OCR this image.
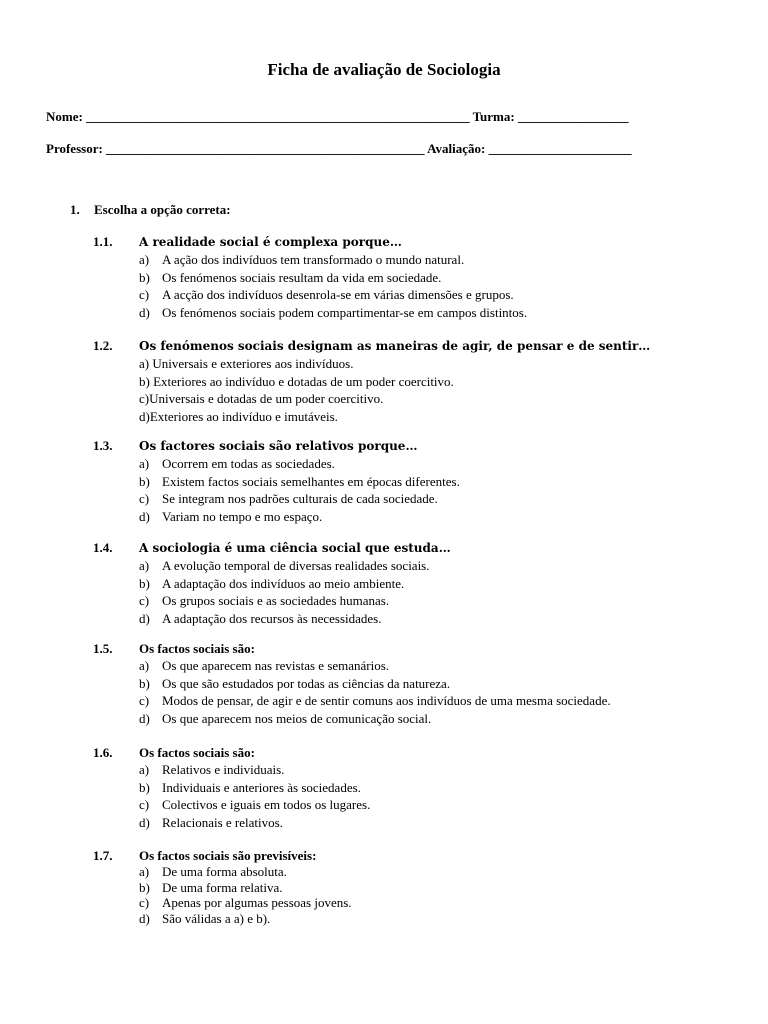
Ficha de avaliação de Sociologia
Nome: ___________________________________________________________ Turma: _________________
Professor: _________________________________________________ Avaliação: ______________________
1. Escolha a opção correta:
1.1. A realidade social é complexa porque…
a) A ação dos indivíduos tem transformado o mundo natural.
b) Os fenómenos sociais resultam da vida em sociedade.
c) A acção dos indivíduos desenrola-se em várias dimensões e grupos.
d) Os fenómenos sociais podem compartimentar-se em campos distintos.
1.2. Os fenómenos sociais designam as maneiras de agir, de pensar e de sentir…
a) Universais e exteriores aos indivíduos.
b) Exteriores ao indivíduo e dotadas de um poder coercitivo.
c)Universais e dotadas de um poder coercitivo.
d)Exteriores ao indivíduo e imutáveis.
1.3. Os factores sociais são relativos porque…
a) Ocorrem em todas as sociedades.
b) Existem factos sociais semelhantes em épocas diferentes.
c) Se integram nos padrões culturais de cada sociedade.
d) Variam no tempo e mo espaço.
1.4. A sociologia é uma ciência social que estuda…
a) A evolução temporal de diversas realidades sociais.
b) A adaptação dos indivíduos ao meio ambiente.
c) Os grupos sociais e as sociedades humanas.
d) A adaptação dos recursos às necessidades.
1.5. Os factos sociais são:
a) Os que aparecem nas revistas e semanários.
b) Os que são estudados por todas as ciências da natureza.
c) Modos de pensar, de agir e de sentir comuns aos indivíduos de uma mesma sociedade.
d) Os que aparecem nos meios de comunicação social.
1.6. Os factos sociais são:
a) Relativos e individuais.
b) Individuais e anteriores às sociedades.
c) Colectivos e iguais em todos os lugares.
d) Relacionais e relativos.
1.7. Os factos sociais são previsíveis:
a) De uma forma absoluta.
b) De uma forma relativa.
c) Apenas por algumas pessoas jovens.
d) São válidas a a) e b).
